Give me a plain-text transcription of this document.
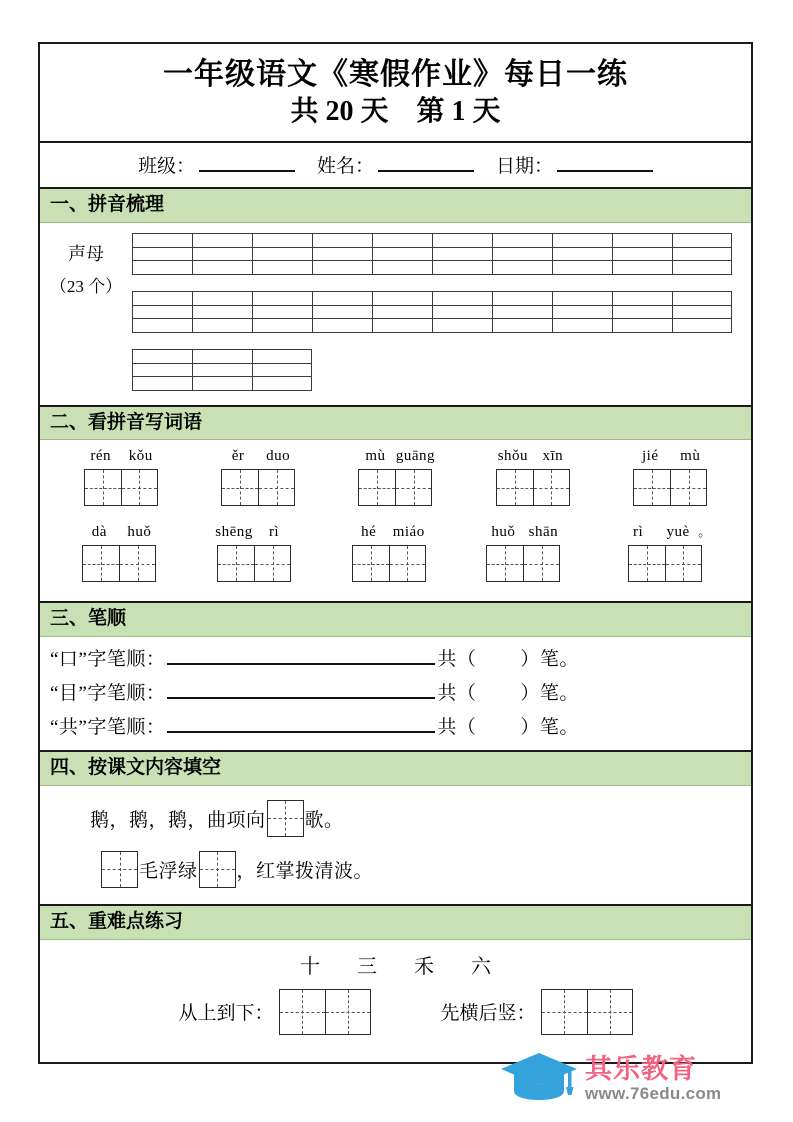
一年级语文《寒假作业》每日一练
共 20 天　第 1 天
班级：	姓名：	日期：
一、拼音梳理
声母
（23 个）
二、看拼音写词语
rén kǒu	ěr duo	mù guāng	shǒu xīn	jié mù
dà huǒ	shēng rì	hé miáo	huǒ shān	rì yuè 。
三、笔顺
“口”字笔顺：	共（ ）笔。
“目”字笔顺：	共（ ）笔。
“共”字笔顺：	共（ ）笔。
四、按课文内容填空
鹅，鹅，鹅，曲项向 歌。
毛浮绿 ，红掌拨清波。
五、重难点练习
十 三 禾 六
从上到下：	先横后竖：
其乐教育
www.76edu.com
